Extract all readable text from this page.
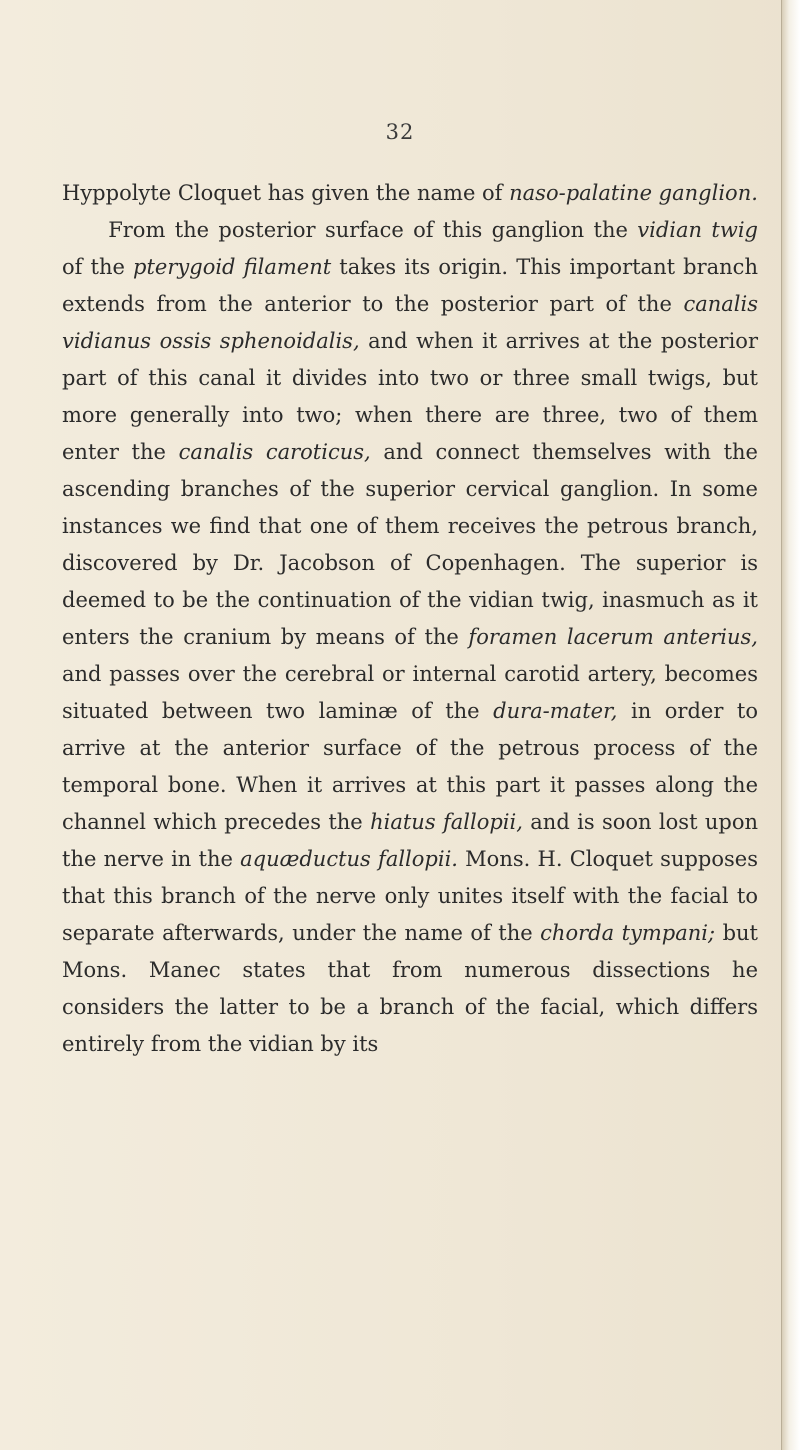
32

Hyppolyte Cloquet has given the name of naso-palatine ganglion.

From the posterior surface of this ganglion the vidian twig of the pterygoid filament takes its origin. This important branch extends from the anterior to the posterior part of the canalis vidianus ossis sphenoidalis, and when it arrives at the posterior part of this canal it divides into two or three small twigs, but more generally into two; when there are three, two of them enter the canalis caroticus, and connect themselves with the ascending branches of the superior cervical ganglion. In some instances we find that one of them receives the petrous branch, discovered by Dr. Jacobson of Copenhagen. The superior is deemed to be the continuation of the vidian twig, inasmuch as it enters the cranium by means of the foramen lacerum anterius, and passes over the cerebral or internal carotid artery, becomes situated between two laminæ of the dura-mater, in order to arrive at the anterior surface of the petrous process of the temporal bone. When it arrives at this part it passes along the channel which precedes the hiatus fallopii, and is soon lost upon the nerve in the aquæductus fallopii. Mons. H. Cloquet supposes that this branch of the nerve only unites itself with the facial to separate afterwards, under the name of the chorda tympani; but Mons. Manec states that from numerous dissections he considers the latter to be a branch of the facial, which differs entirely from the vidian by its
